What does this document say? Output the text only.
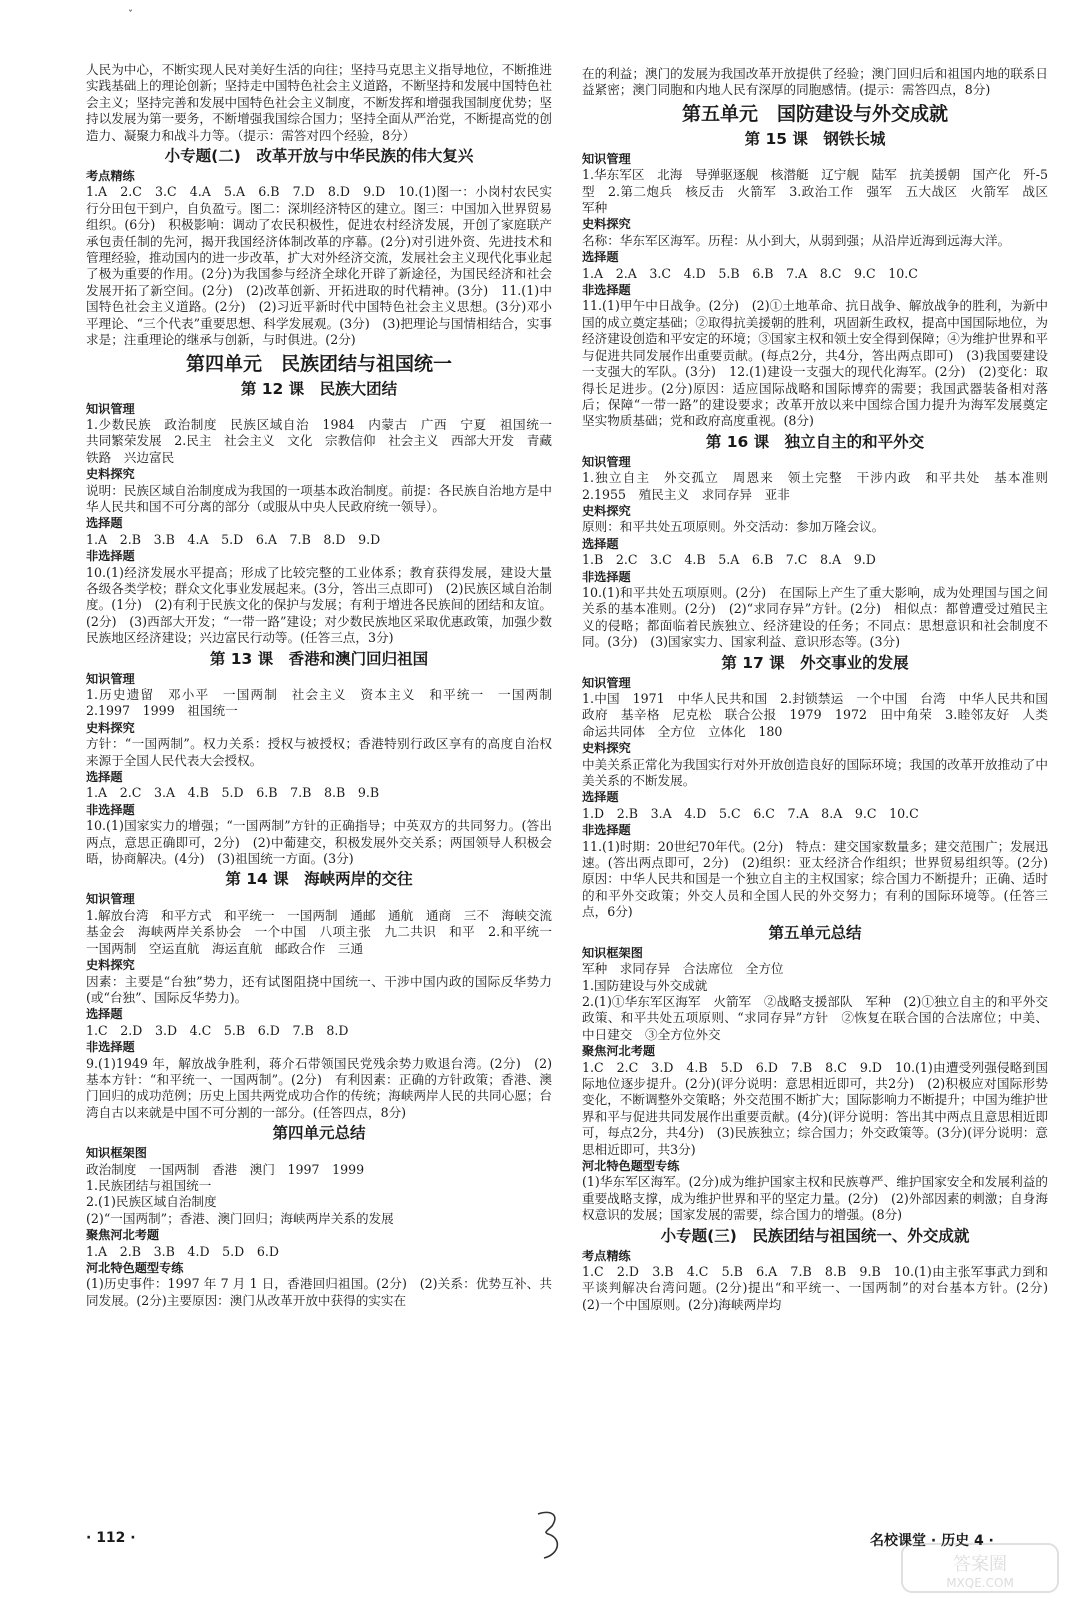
ˇ

人民为中心，不断实现人民对美好生活的向往；坚持马克思主义指导地位，不断推进实践基础上的理论创新；坚持走中国特色社会主义道路，不断坚持和发展中国特色社会主义；坚持完善和发展中国特色社会主义制度，不断发挥和增强我国制度优势；坚持以发展为第一要务，不断增强我国综合国力；坚持全面从严治党，不断提高党的创造力、凝聚力和战斗力等。（提示：需答对四个经验，8分）

小专题(二)　改革开放与中华民族的伟大复兴

考点精练

1.A　2.C　3.C　4.A　5.A　6.B　7.D　8.D　9.D　10.(1)图一：小岗村农民实行分田包干到户，自负盈亏。图二：深圳经济特区的建立。图三：中国加入世界贸易组织。(6分)　积极影响：调动了农民积极性，促进农村经济发展，开创了家庭联产承包责任制的先河，揭开我国经济体制改革的序幕。(2分)对引进外资、先进技术和管理经验，推动国内的进一步改革，扩大对外经济交流，发展社会主义现代化事业起了极为重要的作用。(2分)为我国参与经济全球化开辟了新途径，为国民经济和社会发展开拓了新空间。(2分)　(2)改革创新、开拓进取的时代精神。(3分)　11.(1)中国特色社会主义道路。(2分)　(2)习近平新时代中国特色社会主义思想。(3分)邓小平理论、“三个代表”重要思想、科学发展观。(3分)　(3)把理论与国情相结合，实事求是；注重理论的继承与创新，与时俱进。(2分)

第四单元　民族团结与祖国统一
第 12 课　民族大团结

知识管理

1.少数民族　政治制度　民族区域自治　1984　内蒙古　广西　宁夏　祖国统一　共同繁荣发展　2.民主　社会主义　文化　宗教信仰　社会主义　西部大开发　青藏铁路　兴边富民

史料探究

说明：民族区域自治制度成为我国的一项基本政治制度。前提：各民族自治地方是中华人民共和国不可分离的部分（或服从中央人民政府统一领导）。

选择题

1.A　2.B　3.B　4.A　5.D　6.A　7.B　8.D　9.D

非选择题

10.(1)经济发展水平提高；形成了比较完整的工业体系；教育获得发展，建设大量各级各类学校；群众文化事业发展起来。(3分，答出三点即可)　(2)民族区域自治制度。(1分)　(2)有利于民族文化的保护与发展；有利于增进各民族间的团结和友谊。(2分)　(3)西部大开发；“一带一路”建设；对少数民族地区采取优惠政策，加强少数民族地区经济建设；兴边富民行动等。(任答三点，3分)

第 13 课　香港和澳门回归祖国

知识管理

1.历史遗留　邓小平　一国两制　社会主义　资本主义　和平统一　一国两制　2.1997　1999　祖国统一

史料探究

方针：“一国两制”。权力关系：授权与被授权；香港特别行政区享有的高度自治权来源于全国人民代表大会授权。

选择题

1.A　2.C　3.A　4.B　5.D　6.B　7.B　8.B　9.B

非选择题

10.(1)国家实力的增强；“一国两制”方针的正确指导；中英双方的共同努力。(答出两点，意思正确即可，2分)　(2)中葡建交，积极发展外交关系；两国领导人积极会晤，协商解决。(4分)　(3)祖国统一方面。(3分)

第 14 课　海峡两岸的交往

知识管理

1.解放台湾　和平方式　和平统一　一国两制　通邮　通航　通商　三不　海峡交流基金会　海峡两岸关系协会　一个中国　八项主张　九二共识　和平　2.和平统一　一国两制　空运直航　海运直航　邮政合作　三通

史料探究

因素：主要是“台独”势力，还有试图阻挠中国统一、干涉中国内政的国际反华势力(或“台独”、国际反华势力)。

选择题

1.C　2.D　3.D　4.C　5.B　6.D　7.B　8.D

非选择题

9.(1)1949 年，解放战争胜利，蒋介石带领国民党残余势力败退台湾。(2分)　(2)基本方针：“和平统一、一国两制”。(2分)　有利因素：正确的方针政策；香港、澳门回归的成功范例；历史上国共两党成功合作的传统；海峡两岸人民的共同心愿；台湾自古以来就是中国不可分割的一部分。(任答四点，8分)

第四单元总结

知识框架图

政治制度　一国两制　香港　澳门　1997　1999

1.民族团结与祖国统一

2.(1)民族区域自治制度

(2)“一国两制”；香港、澳门回归；海峡两岸关系的发展

聚焦河北考题

1.A　2.B　3.B　4.D　5.D　6.D

河北特色题型专练

(1)历史事件：1997 年 7 月 1 日，香港回归祖国。(2分)　(2)关系：优势互补、共同发展。(2分)主要原因：澳门从改革开放中获得的实实在

在的利益；澳门的发展为我国改革开放提供了经验；澳门回归后和祖国内地的联系日益紧密；澳门同胞和内地人民有深厚的同胞感情。(提示：需答四点，8分)

第五单元　国防建设与外交成就
第 15 课　钢铁长城

知识管理

1.华东军区　北海　导弹驱逐舰　核潜艇　辽宁舰　陆军　抗美援朝　国产化　歼-5型　2.第二炮兵　核反击　火箭军　3.政治工作　强军　五大战区　火箭军　战区　军种

史料探究

名称：华东军区海军。历程：从小到大，从弱到强；从沿岸近海到远海大洋。

选择题

1.A　2.A　3.C　4.D　5.B　6.B　7.A　8.C　9.C　10.C

非选择题

11.(1)甲午中日战争。(2分)　(2)①土地革命、抗日战争、解放战争的胜利，为新中国的成立奠定基础；②取得抗美援朝的胜利，巩固新生政权，提高中国国际地位，为经济建设创造和平安定的环境；③国家主权和领土安全得到保障；④为维护世界和平与促进共同发展作出重要贡献。(每点2分，共4分，答出两点即可)　(3)我国要建设一支强大的军队。(3分)　12.(1)建设一支强大的现代化海军。(2分)　(2)变化：取得长足进步。(2分)原因：适应国际战略和国际博弈的需要；我国武器装备相对落后；保障“一带一路”的建设要求；改革开放以来中国综合国力提升为海军发展奠定坚实物质基础；党和政府高度重视。(8分)

第 16 课　独立自主的和平外交

知识管理

1.独立自主　外交孤立　周恩来　领土完整　干涉内政　和平共处　基本准则　2.1955　殖民主义　求同存异　亚非

史料探究

原则：和平共处五项原则。外交活动：参加万隆会议。

选择题

1.B　2.C　3.C　4.B　5.A　6.B　7.C　8.A　9.D

非选择题

10.(1)和平共处五项原则。(2分)　在国际上产生了重大影响，成为处理国与国之间关系的基本准则。(2分)　(2)“求同存异”方针。(2分)　相似点：都曾遭受过殖民主义的侵略；都面临着民族独立、经济建设的任务；不同点：思想意识和社会制度不同。(3分)　(3)国家实力、国家利益、意识形态等。(3分)

第 17 课　外交事业的发展

知识管理

1.中国　1971　中华人民共和国　2.封锁禁运　一个中国　台湾　中华人民共和国政府　基辛格　尼克松　联合公报　1979　1972　田中角荣　3.睦邻友好　人类命运共同体　全方位　立体化　180

史料探究

中美关系正常化为我国实行对外开放创造良好的国际环境；我国的改革开放推动了中美关系的不断发展。

选择题

1.D　2.B　3.A　4.D　5.C　6.C　7.A　8.A　9.C　10.C

非选择题

11.(1)时期：20世纪70年代。(2分)　特点：建交国家数量多；建交范围广；发展迅速。(答出两点即可，2分)　(2)组织：亚太经济合作组织；世界贸易组织等。(2分)原因：中华人民共和国是一个独立自主的主权国家；综合国力不断提升；正确、适时的和平外交政策；外交人员和全国人民的外交努力；有利的国际环境等。(任答三点，6分)

第五单元总结

知识框架图

军种　求同存异　合法席位　全方位

1.国防建设与外交成就

2.(1)①华东军区海军　火箭军　②战略支援部队　军种　(2)①独立自主的和平外交政策、和平共处五项原则、“求同存异”方针　②恢复在联合国的合法席位；中美、中日建交　③全方位外交

聚焦河北考题

1.C　2.C　3.D　4.B　5.D　6.D　7.B　8.C　9.D　10.(1)由遭受列强侵略到国际地位逐步提升。(2分)(评分说明：意思相近即可，共2分)　(2)积极应对国际形势变化，不断调整外交策略；外交范围不断扩大；国际影响力不断提升；中国为维护世界和平与促进共同发展作出重要贡献。(4分)(评分说明：答出其中两点且意思相近即可，每点2分，共4分)　(3)民族独立；综合国力；外交政策等。(3分)(评分说明：意思相近即可，共3分)

河北特色题型专练

(1)华东军区海军。(2分)成为维护国家主权和民族尊严、维护国家安全和发展利益的重要战略支撑，成为维护世界和平的坚定力量。(2分)　(2)外部因素的刺激；自身海权意识的发展；国家发展的需要，综合国力的增强。(8分)

小专题(三)　民族团结与祖国统一、外交成就

考点精练

1.C　2.D　3.B　4.C　5.B　6.A　7.B　8.B　9.B　10.(1)由主张军事武力到和平谈判解决台湾问题。(2分)提出“和平统一、一国两制”的对台基本方针。(2分)　(2)一个中国原则。(2分)海峡两岸均

· 112 ·	名校课堂 · 历史 4 ·
答案圈
MXQE.COM
